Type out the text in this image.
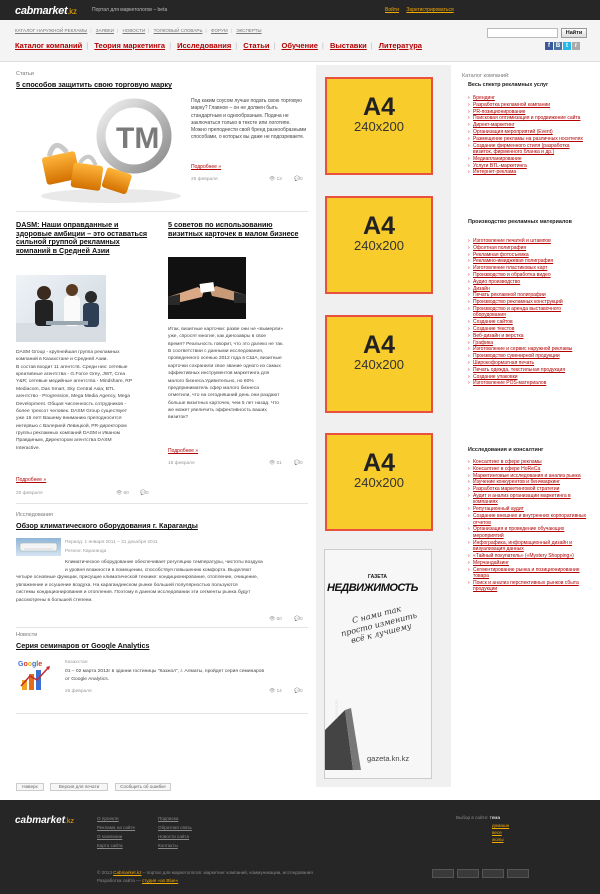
cabmarket.kz	Портал для маркетологов – beta	Войти Зарегистрироваться
КАТАЛОГ НАРУЖНОЙ РЕКЛАМЫ | ЗАЯВКИ | НОВОСТИ | ТОЛКОВЫЙ СЛОВАРЬ | ФОРУМ | ЭКСПЕРТЫ
Каталог компаний | Теория маркетинга | Исследования | Статьи | Обучение | Выставки | Литература
Найти
f B t r
Статьи
5 способов защитить свою торговую марку
TM
Под каким соусом лучше подать свою торговую марку? Главное – он не должен быть стандартным и однообразным. Подача не заключаться только в тексте или логотипе. Можно преподнести свой бренд разнообразными способами, о которых вы даже не подозреваете.
Подробнее »
25 февраля	👁 13	💬0
DASM: Наши оправданные и здоровые амбиции – это оставаться сильной группой рекламных компаний в Средней Азии
DASM Group - крупнейшая группа рекламных
компаний в Казахстане и Средней Азии.
В состав входит 11 агентств. Среди них: сетевые
креативные агентства - G.Force Grey, JWT, Crea
Y&R; сетевые медийные агентства - Mindshare, RP
Mediacom, Das Smart, Sky Central Asia; BTL
агентство - Progression, Mega Media Agency, Mega
Development. Общая численность сотрудников -
более трехсот человек. DASM Group существует
уже 15 лет! Вашему вниманию преподносится
интервью с Валерией Левицкой, PR-директором
группы рекламных компаний DASM и Иваном
Правдиным, Директором агентства DASM
Interactive.
Подробнее »
20 февраля	👁 60 💬0
5 советов по использованию визитных карточек в малом бизнесе
Итак, визитные карточки: разве они не «вымерли»
уже, спросят многие, как динозавры в свое
время? Реальность говорит, что это далеко не так.
В соответствии с данными исследования,
проведенного осенью 2012 года в США, визитные
карточки сохранили свое звание одного из самых
эффективных инструментов маркетинга для
малого бизнеса.Удивительно, но 60%
предприниматель сфер малого бизнеса
отметили, что на сегодняшний день они раздают
больше визитных карточек, чем 5 лет назад. Что
же может увеличить эффективность ваших
визиток?
Подробнее »
18 февраля	👁 51	💬0
Исследования
Обзор климатического оборудования г. Караганды
Период: 1 января 2011 – 31 декабря 2011
Регион: Караганда
Климатическое оборудование обеспечивает регуляцию температуры, чистоты воздуха
и уровня влажности в помещении, способствуя повышению комфорта. Выделяют
четыре основные функции, присущие климатической технике: кондиционирование, отопление, очищение,
увлажнение и осушение воздуха. На карагандинском рынке большей популярностью пользуются
системы кондиционирования и отопления. Поэтому в данном исследовании эти сегменты рынка будут
рассмотрены в большей степени.
👁 50	💬0
Новости
Серия семинаров от Google Analytics
Google	Казахстан
01 – 02 марта 2013г в здании гостиницы "Казжол", г. Алматы, пройдет серия семинаров
от Google Analytics.
25 февраля	👁 14	💬0
A4
240x200
A4
240x200
A4
240x200
A4
240x200
ГАЗЕТА
НЕДВИЖИМОСТЬ
С нами так просто изменить всё к лучшему
maxmedia
gazeta.kn.kz
Каталог компаний:
Весь спектр рекламных услуг
› Брендинг
› Разработка рекламной кампании
› PR-позиционирование
› Поисковая оптимизация и продвижение сайта
› Директ-маркетинг
› Организация мероприятий (Event)
› Размещение рекламы на различных носителях
› Создание фирменного стиля (разработка визиток, фирменного бланка и др.)
› Медиапланирование
› Услуги BTL-маркетинга
› Интернет-реклама
Производство рекламных материалов
› Изготовление печатей и штампов
› Офсетная полиграфия
› Рекламная фотосъемка
› Рекламно-имиджевая полиграфия
› Изготовление пластиковых карт
› Производство и обработка видео
› Аудио производство
› Дизайн
› Печать рекламной полиграфии
› Производство рекламных конструкций
› Производство и аренда выставочного оборудования
› Создание сайтов
› Создание текстов
› Веб-дизайн и верстка
› Графика
› Изготовление и сервис наружной рекламы
› Производство сувенирной продукции
› Широкоформатная печать
› Печать одежда, текстильная продукция
› Создание упаковки
› Изготовление POS-материалов
Исследования и консалтинг
› Консалтинг в сфере рекламы
› Консалтинг в сфере HoReCa
› Маркетинговые исследования и анализ рынка
› Изучение конкурентов и бенчмаркинг
› Разработка маркетинговой стратегии
› Аудит и анализ организации маркетинга в компаниях
› Репутационный аудит
› Создание внешних и внутренних корпоративных отчетов
› Организация и проведение обучающих мероприятий
› Инфографика, информационный дизайн и визуализация данных
› «Тайный покупатель» («Mystery Shopping»)
› Мерчандайзинг
› Сегментирование рынка и позиционирование товара
› Поиск и анализ перспективных рынков сбыта продукции
Наверх	Версия для печати	Сообщить об ошибке
cabmarket.kz	О проекте
Реклама на сайте
О компании
Карта сайта
Подписка
Обратная связь
Новости сайта
Контакты
Выбор в сайте: тема
домашн
весе
жолы
© 2013 Cabmarket.kz – портал для маркетологов: маркетинг компаний, коммуникации, исследования
Разработка сайта — студия «ап Blue»
